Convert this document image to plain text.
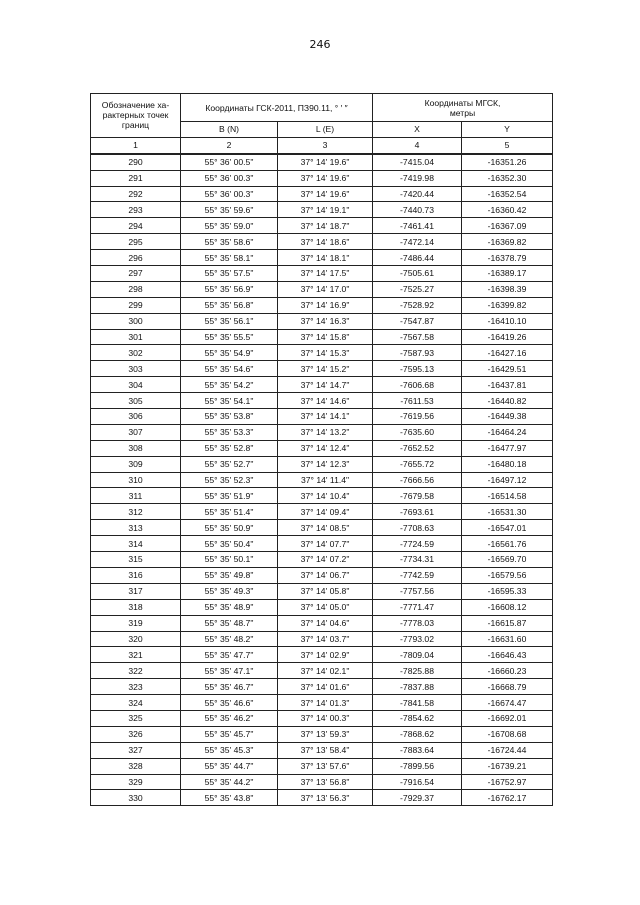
246
Обозначение ха-
рактерных точек
границ	Координаты ГСК-2011, ПЗ90.11, ° ′ ″		Координаты МГСК,
метры	
	B (N)	L (E)	X	Y
1	2	3	4	5
290	55° 36' 00.5"	37° 14' 19.6"	-7415.04	-16351.26
291	55° 36' 00.3"	37° 14' 19.6"	-7419.98	-16352.30
292	55° 36' 00.3"	37° 14' 19.6"	-7420.44	-16352.54
293	55° 35' 59.6"	37° 14' 19.1"	-7440.73	-16360.42
294	55° 35' 59.0"	37° 14' 18.7"	-7461.41	-16367.09
295	55° 35' 58.6"	37° 14' 18.6"	-7472.14	-16369.82
296	55° 35' 58.1"	37° 14' 18.1"	-7486.44	-16378.79
297	55° 35' 57.5"	37° 14' 17.5"	-7505.61	-16389.17
298	55° 35' 56.9"	37° 14' 17.0"	-7525.27	-16398.39
299	55° 35' 56.8"	37° 14' 16.9"	-7528.92	-16399.82
300	55° 35' 56.1"	37° 14' 16.3"	-7547.87	-16410.10
301	55° 35' 55.5"	37° 14' 15.8"	-7567.58	-16419.26
302	55° 35' 54.9"	37° 14' 15.3"	-7587.93	-16427.16
303	55° 35' 54.6"	37° 14' 15.2"	-7595.13	-16429.51
304	55° 35' 54.2"	37° 14' 14.7"	-7606.68	-16437.81
305	55° 35' 54.1"	37° 14' 14.6"	-7611.53	-16440.82
306	55° 35' 53.8"	37° 14' 14.1"	-7619.56	-16449.38
307	55° 35' 53.3"	37° 14' 13.2"	-7635.60	-16464.24
308	55° 35' 52.8"	37° 14' 12.4"	-7652.52	-16477.97
309	55° 35' 52.7"	37° 14' 12.3"	-7655.72	-16480.18
310	55° 35' 52.3"	37° 14' 11.4"	-7666.56	-16497.12
311	55° 35' 51.9"	37° 14' 10.4"	-7679.58	-16514.58
312	55° 35' 51.4"	37° 14' 09.4"	-7693.61	-16531.30
313	55° 35' 50.9"	37° 14' 08.5"	-7708.63	-16547.01
314	55° 35' 50.4"	37° 14' 07.7"	-7724.59	-16561.76
315	55° 35' 50.1"	37° 14' 07.2"	-7734.31	-16569.70
316	55° 35' 49.8"	37° 14' 06.7"	-7742.59	-16579.56
317	55° 35' 49.3"	37° 14' 05.8"	-7757.56	-16595.33
318	55° 35' 48.9"	37° 14' 05.0"	-7771.47	-16608.12
319	55° 35' 48.7"	37° 14' 04.6"	-7778.03	-16615.87
320	55° 35' 48.2"	37° 14' 03.7"	-7793.02	-16631.60
321	55° 35' 47.7"	37° 14' 02.9"	-7809.04	-16646.43
322	55° 35' 47.1"	37° 14' 02.1"	-7825.88	-16660.23
323	55° 35' 46.7"	37° 14' 01.6"	-7837.88	-16668.79
324	55° 35' 46.6"	37° 14' 01.3"	-7841.58	-16674.47
325	55° 35' 46.2"	37° 14' 00.3"	-7854.62	-16692.01
326	55° 35' 45.7"	37° 13' 59.3"	-7868.62	-16708.68
327	55° 35' 45.3"	37° 13' 58.4"	-7883.64	-16724.44
328	55° 35' 44.7"	37° 13' 57.6"	-7899.56	-16739.21
329	55° 35' 44.2"	37° 13' 56.8"	-7916.54	-16752.97
330	55° 35' 43.8"	37° 13' 56.3"	-7929.37	-16762.17
